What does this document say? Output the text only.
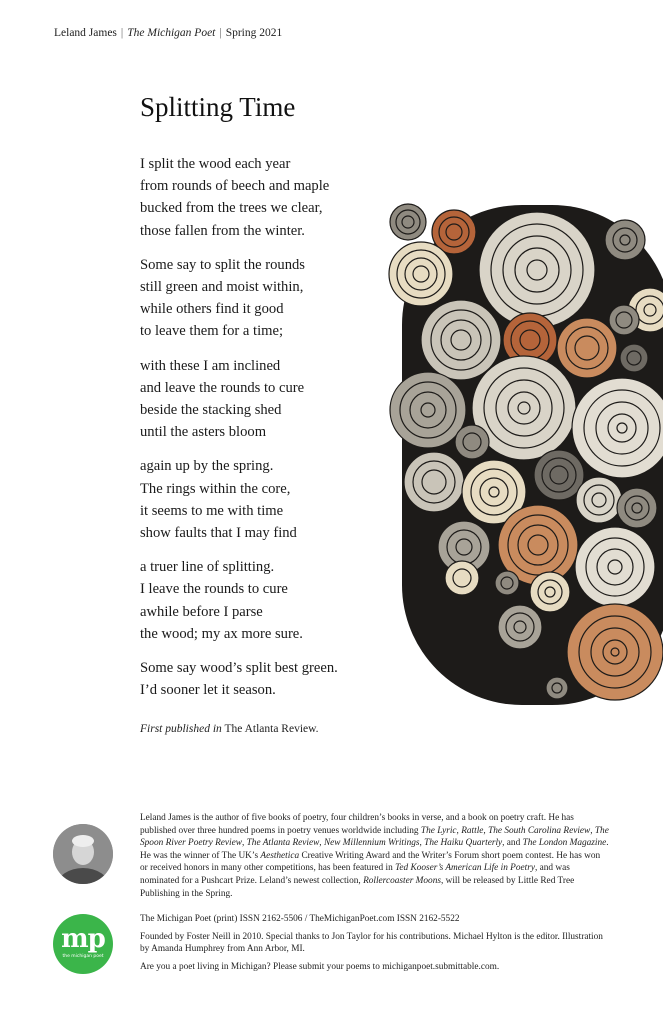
Leland James | The Michigan Poet | Spring 2021
Splitting Time
I split the wood each year
from rounds of beech and maple
bucked from the trees we clear,
those fallen from the winter.
Some say to split the rounds
still green and moist within,
while others find it good
to leave them for a time;
with these I am inclined
and leave the rounds to cure
beside the stacking shed
until the asters bloom
again up by the spring.
The rings within the core,
it seems to me with time
show faults that I may find
a truer line of splitting.
I leave the rounds to cure
awhile before I parse
the wood; my ax more sure.
Some say wood’s split best green.
I’d sooner let it season.
First published in The Atlanta Review.
Leland James is the author of five books of poetry, four children’s books in verse, and a book on poetry craft. He has published over three hundred poems in poetry venues worldwide including The Lyric, Rattle, The South Carolina Review, The Spoon River Poetry Review, The Atlanta Review, New Millennium Writings, The Haiku Quarterly, and The London Magazine. He was the winner of The UK’s Aesthetica Creative Writing Award and the Writer’s Forum short poem contest. He has won or received honors in many other competitions, has been featured in Ted Kooser’s American Life in Poetry, and was nominated for a Pushcart Prize. Leland’s newest collection, Rollercoaster Moons, will be released by Little Red Tree Publishing in the Spring.
mp
the michigan poet

The Michigan Poet (print) ISSN 2162-5506 / TheMichiganPoet.com ISSN 2162-5522

Founded by Foster Neill in 2010. Special thanks to Jon Taylor for his contributions. Michael Hylton is the editor. Illustration by Amanda Humphrey from Ann Arbor, MI.

Are you a poet living in Michigan? Please submit your poems to michiganpoet.submittable.com.
